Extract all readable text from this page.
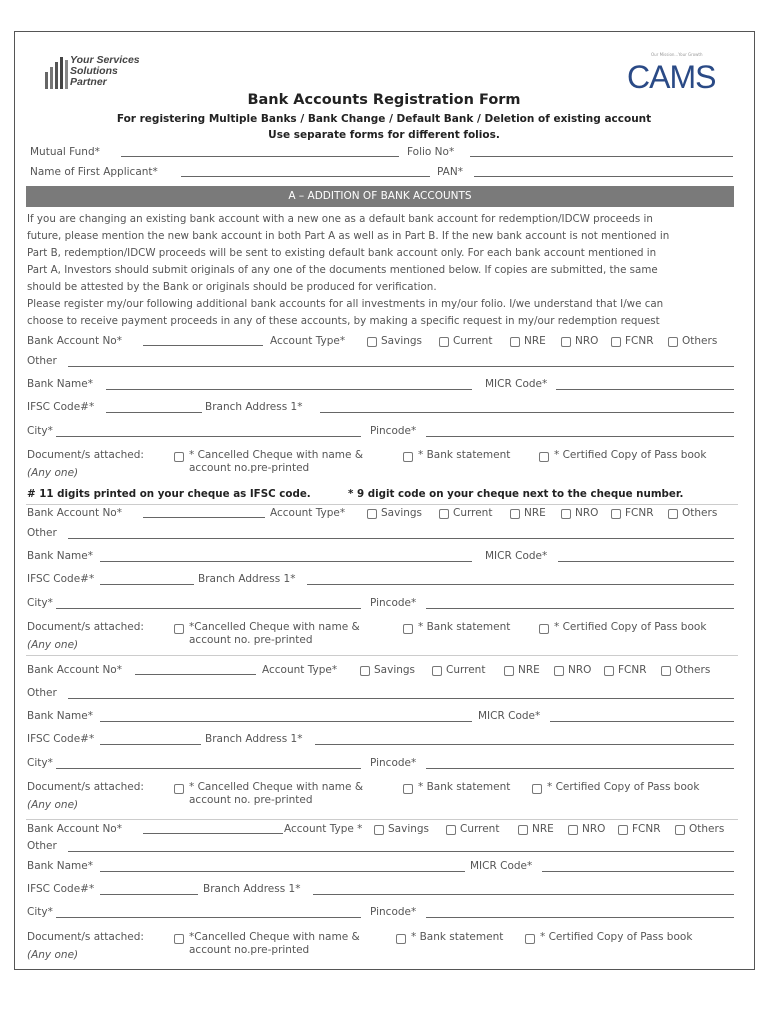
Your Services
Solutions
Partner
Our Mission...Your Growth
CAMS
Bank Accounts Registration Form
For registering Multiple Banks / Bank Change / Default Bank / Deletion of existing account
Use separate forms for different folios.
Mutual Fund*	Folio No*
Name of First Applicant*	PAN*
A – ADDITION OF BANK ACCOUNTS
If you are changing an existing bank account with a new one as a default bank account for redemption/IDCW proceeds in
future, please mention the new bank account in both Part A as well as in Part B. If the new bank account is not mentioned in
Part B, redemption/IDCW proceeds will be sent to existing default bank account only. For each bank account mentioned in
Part A, Investors should submit originals of any one of the documents mentioned below. If copies are submitted, the same
should be attested by the Bank or originals should be produced for verification.
Please register my/our following additional bank accounts for all investments in my/our folio. I/we understand that I/we can
choose to receive payment proceeds in any of these accounts, by making a specific request in my/our redemption request
Bank Account No*	Account Type*	Savings	Current	NRE	NRO	FCNR	Others
Other
Bank Name*	MICR Code*
IFSC Code#*	Branch Address 1*
City*	Pincode*
Document/s attached:
(Any one)
* Cancelled Cheque with name &
account no.pre-printed
* Bank statement	* Certified Copy of Pass book
# 11 digits printed on your cheque as IFSC code.	* 9 digit code on your cheque next to the cheque number.
Bank Account No*	Account Type*	Savings	Current	NRE	NRO	FCNR	Others
Other
Bank Name*	MICR Code*
IFSC Code#*	Branch Address 1*
City*	Pincode*
Document/s attached:
(Any one)
*Cancelled Cheque with name &
account no. pre-printed
* Bank statement	* Certified Copy of Pass book
Bank Account No*	Account Type*	Savings	Current	NRE	NRO	FCNR	Others
Other
Bank Name*	MICR Code*
IFSC Code#*	Branch Address 1*
City*	Pincode*
Document/s attached:
(Any one)
* Cancelled Cheque with name &
account no. pre-printed
* Bank statement	* Certified Copy of Pass book
Bank Account No*	Account Type * Savings	Current	NRE	NRO	FCNR	Others
Other
Bank Name*	MICR Code*
IFSC Code#*	Branch Address 1*
City*	Pincode*
Document/s attached:
(Any one)
*Cancelled Cheque with name &
account no.pre-printed
* Bank statement	* Certified Copy of Pass book
